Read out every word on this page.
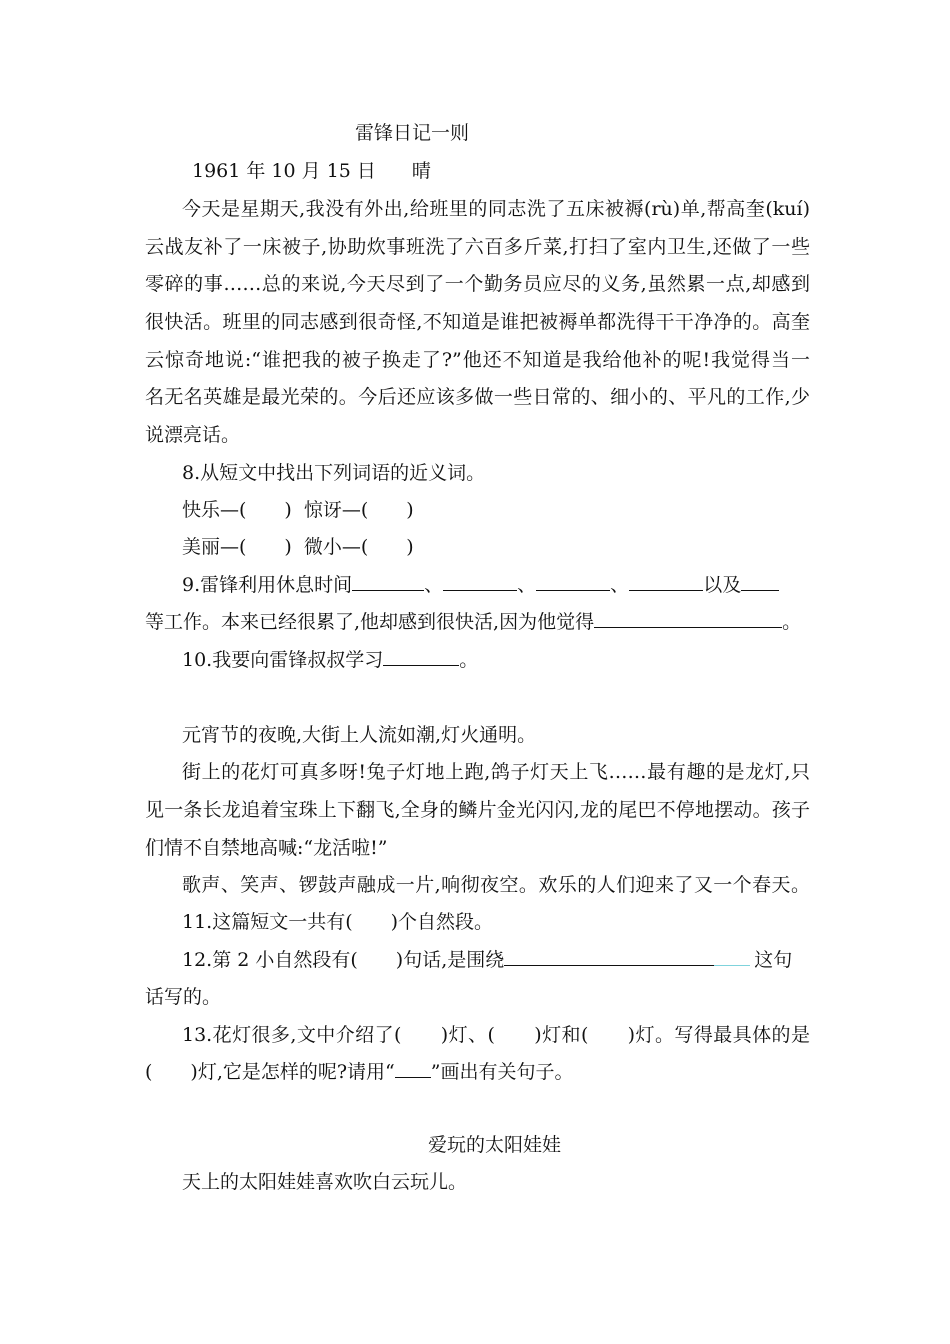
雷锋日记一则
1961 年 10 月 15 日 晴
今天是星期天,我没有外出,给班里的同志洗了五床被褥(rù)单,帮高奎(kuí)
云战友补了一床被子,协助炊事班洗了六百多斤菜,打扫了室内卫生,还做了一些
零碎的事……总的来说,今天尽到了一个勤务员应尽的义务,虽然累一点,却感到
很快活。班里的同志感到很奇怪,不知道是谁把被褥单都洗得干干净净的。高奎
云惊奇地说:“谁把我的被子换走了?”他还不知道是我给他补的呢!我觉得当一
名无名英雄是最光荣的。今后还应该多做一些日常的、细小的、平凡的工作,少
说漂亮话。
8.从短文中找出下列词语的近义词。
快乐—(　　) 惊讶—(　　)
美丽—(　　) 微小—(　　)
9.雷锋利用休息时间	、	、	、	以及
等工作。本来已经很累了,他却感到很快活,因为他觉得	。
10.我要向雷锋叔叔学习	。
元宵节的夜晚,大街上人流如潮,灯火通明。
街上的花灯可真多呀!兔子灯地上跑,鸽子灯天上飞……最有趣的是龙灯,只
见一条长龙追着宝珠上下翻飞,全身的鳞片金光闪闪,龙的尾巴不停地摆动。孩子
们情不自禁地高喊:“龙活啦!”
歌声、笑声、锣鼓声融成一片,响彻夜空。欢乐的人们迎来了又一个春天。
11.这篇短文一共有(　　)个自然段。
12.第 2 小自然段有(　　)句话,是围绕	这句
话写的。
13.花灯很多,文中介绍了(　　)灯、(　　)灯和(　　)灯。写得最具体的是
(　　)灯,它是怎样的呢?请用“ ”画出有关句子。
爱玩的太阳娃娃
天上的太阳娃娃喜欢吹白云玩儿。
